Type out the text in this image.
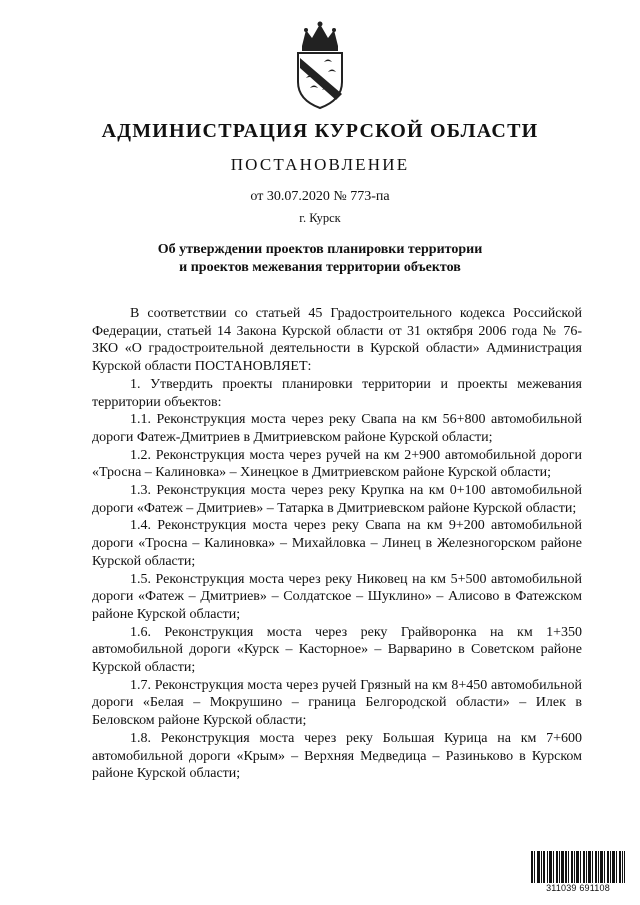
АДМИНИСТРАЦИЯ КУРСКОЙ ОБЛАСТИ
ПОСТАНОВЛЕНИЕ
от 30.07.2020 № 773-па
г. Курск
Об утверждении проектов планировки территории
и проектов межевания территории объектов

В соответствии со статьей 45 Градостроительного кодекса Российской Федерации, статьей 14 Закона Курской области от 31 октября 2006 года № 76-ЗКО «О градостроительной деятельности в Курской области» Администрация Курской области ПОСТАНОВЛЯЕТ:

1. Утвердить проекты планировки территории и проекты межевания территории объектов:

1.1. Реконструкция моста через реку Свапа на км 56+800 автомобильной дороги Фатеж-Дмитриев в Дмитриевском районе Курской области;

1.2. Реконструкция моста через ручей на км 2+900 автомобильной дороги «Тросна – Калиновка» – Хинецкое в Дмитриевском районе Курской области;

1.3. Реконструкция моста через реку Крупка на км 0+100 автомобильной дороги «Фатеж – Дмитриев» – Татарка в Дмитриевском районе Курской области;

1.4. Реконструкция моста через реку Свапа на км 9+200 автомобильной дороги «Тросна – Калиновка» – Михайловка – Линец в Железногорском районе Курской области;

1.5. Реконструкция моста через реку Никовец на км 5+500 автомобильной дороги «Фатеж – Дмитриев» – Солдатское – Шуклино» – Алисово в Фатежском районе Курской области;

1.6. Реконструкция моста через реку Грайворонка на км 1+350 автомобильной дороги «Курск – Касторное» – Варварино в Советском районе Курской области;

1.7. Реконструкция моста через ручей Грязный на км 8+450 автомобильной дороги «Белая – Мокрушино – граница Белгородской области» – Илек в Беловском районе Курской области;

1.8. Реконструкция моста через реку Большая Курица на км 7+600 автомобильной дороги «Крым» – Верхняя Медведица – Разиньково в Курском районе Курской области;

311039 691108
